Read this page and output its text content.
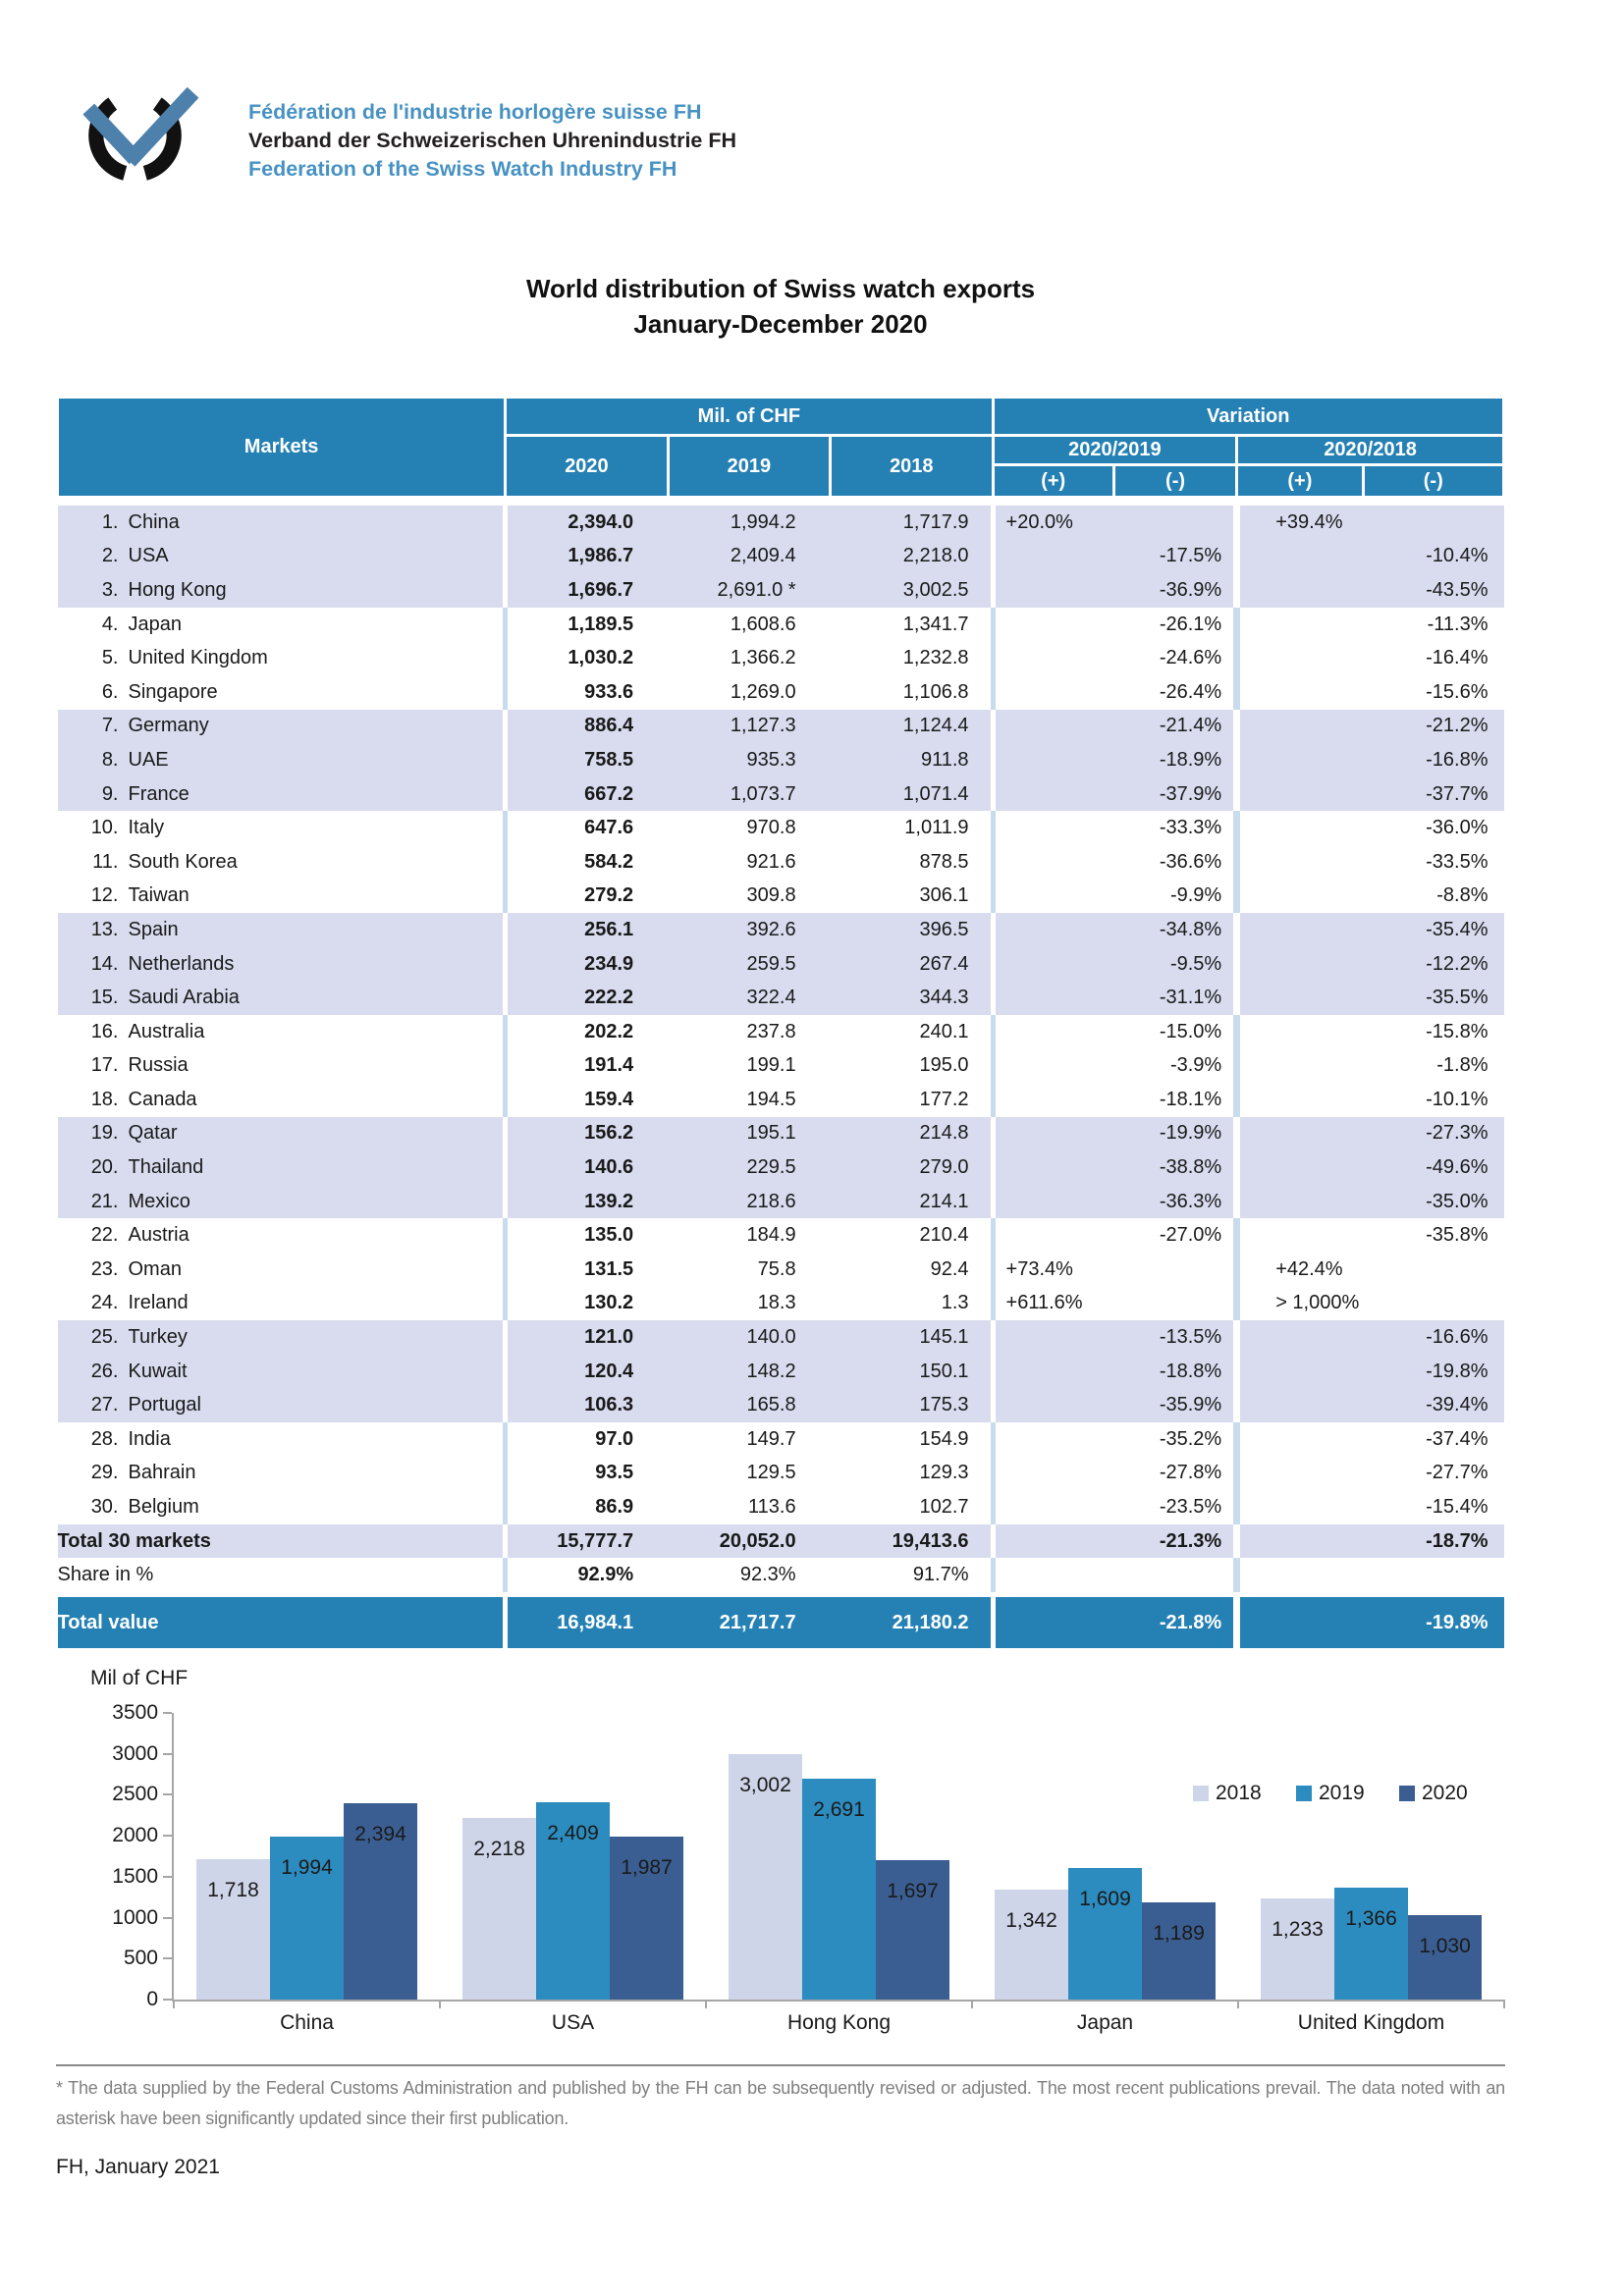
Fédération de l'industrie horlogère suisse FH
Verband der Schweizerischen Uhrenindustrie FH
Federation of the Swiss Watch Industry FH
World distribution of Swiss watch exports
January-December 2020
Markets	Mil. of CHF			Variation			
	2020	2019	2018	2020/2019		2020/2018	
				(+)	(-)	(+)	(-)

1. China	2,394.0	1,994.2	1,717.9	+20.0%		+39.4%	
2. USA	1,986.7	2,409.4	2,218.0		-17.5%		-10.4%
3. Hong Kong	1,696.7	2,691.0 *	3,002.5		-36.9%		-43.5%
4. Japan	1,189.5	1,608.6	1,341.7		-26.1%		-11.3%
5. United Kingdom	1,030.2	1,366.2	1,232.8		-24.6%		-16.4%
6. Singapore	933.6	1,269.0	1,106.8		-26.4%		-15.6%
7. Germany	886.4	1,127.3	1,124.4		-21.4%		-21.2%
8. UAE	758.5	935.3	911.8		-18.9%		-16.8%
9. France	667.2	1,073.7	1,071.4		-37.9%		-37.7%
10. Italy	647.6	970.8	1,011.9		-33.3%		-36.0%
11. South Korea	584.2	921.6	878.5		-36.6%		-33.5%
12. Taiwan	279.2	309.8	306.1		-9.9%		-8.8%
13. Spain	256.1	392.6	396.5		-34.8%		-35.4%
14. Netherlands	234.9	259.5	267.4		-9.5%		-12.2%
15. Saudi Arabia	222.2	322.4	344.3		-31.1%		-35.5%
16. Australia	202.2	237.8	240.1		-15.0%		-15.8%
17. Russia	191.4	199.1	195.0		-3.9%		-1.8%
18. Canada	159.4	194.5	177.2		-18.1%		-10.1%
19. Qatar	156.2	195.1	214.8		-19.9%		-27.3%
20. Thailand	140.6	229.5	279.0		-38.8%		-49.6%
21. Mexico	139.2	218.6	214.1		-36.3%		-35.0%
22. Austria	135.0	184.9	210.4		-27.0%		-35.8%
23. Oman	131.5	75.8	92.4	+73.4%		+42.4%	
24. Ireland	130.2	18.3	1.3	+611.6%		> 1,000%	
25. Turkey	121.0	140.0	145.1		-13.5%		-16.6%
26. Kuwait	120.4	148.2	150.1		-18.8%		-19.8%
27. Portugal	106.3	165.8	175.3		-35.9%		-39.4%
28. India	97.0	149.7	154.9		-35.2%		-37.4%
29. Bahrain	93.5	129.5	129.3		-27.8%		-27.7%
30. Belgium	86.9	113.6	102.7		-23.5%		-15.4%
Total 30 markets	15,777.7	20,052.0	19,413.6		-21.3%		-18.7%
Share in %	92.9%	92.3%	91.7%				

Total value	16,984.1	21,717.7	21,180.2		-21.8%		-19.8%
Mil of CHF
0
500
1000
1500
2000
2500
3000
3500
1,718
1,994
2,394
China
2,218
2,409
1,987
USA
3,002
2,691
1,697
Hong Kong
1,342
1,609
1,189
Japan
1,233	1,366
1,030
United Kingdom
2018	2019	2020
* The data supplied by the Federal Customs Administration and published by the FH can be subsequently revised or adjusted. The most recent publications prevail. The data noted with an asterisk have been significantly updated since their first publication.
FH, January 2021
